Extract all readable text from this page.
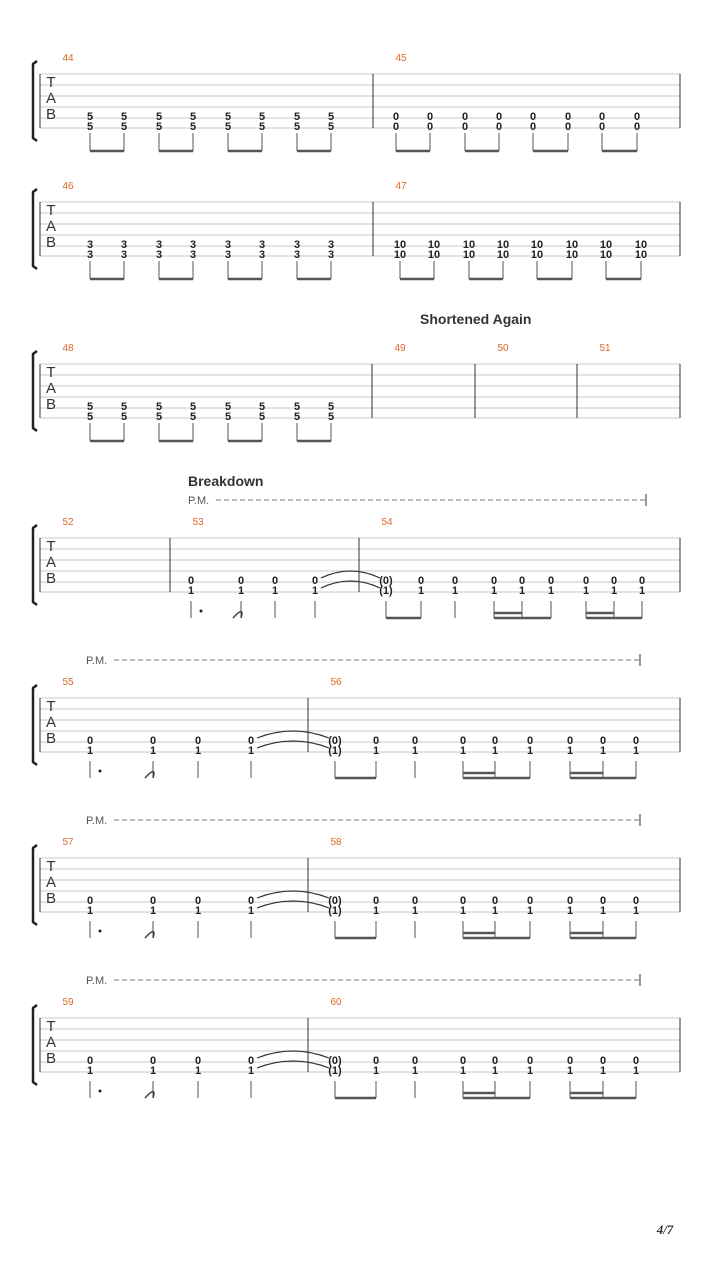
T
A
B
44
5
5
5
5
5
5
5
5
5
5
5
5
5
5
5
5
45
0
0
0
0
0
0
0
0
0
0
0
0
0
0
0
0
T
A
B
46
3
3
3
3
3
3
3
3
3
3
3
3
3
3
3
3
47
10
10
10
10
10
10
10
10
10
10
10
10
10
10
10
10
T
A
B
Shortened Again
48
5
5
5
5
5
5
5
5
5
5
5
5
5
5
5
5
49	50	51
T
A
B
Breakdown
P.M.
52	53
0
1
0
1
0
1
0
1
54
(0)
(1)
0
1
0
1
0
1
0
1
0
1
0
1
0
1
0
1
T
A
B
P.M.
55
0
1
0
1
0
1
0
1
56
(0)
(1)
0
1
0
1
0
1
0
1
0
1
0
1
0
1
0
1
T
A
B
P.M.
57
0
1
0
1
0
1
0
1
58
(0)
(1)
0
1
0
1
0
1
0
1
0
1
0
1
0
1
0
1
T
A
B
P.M.
59
0
1
0
1
0
1
0
1
60
(0)
(1)
0
1
0
1
0
1
0
1
0
1
0
1
0
1
0
1
4/7
